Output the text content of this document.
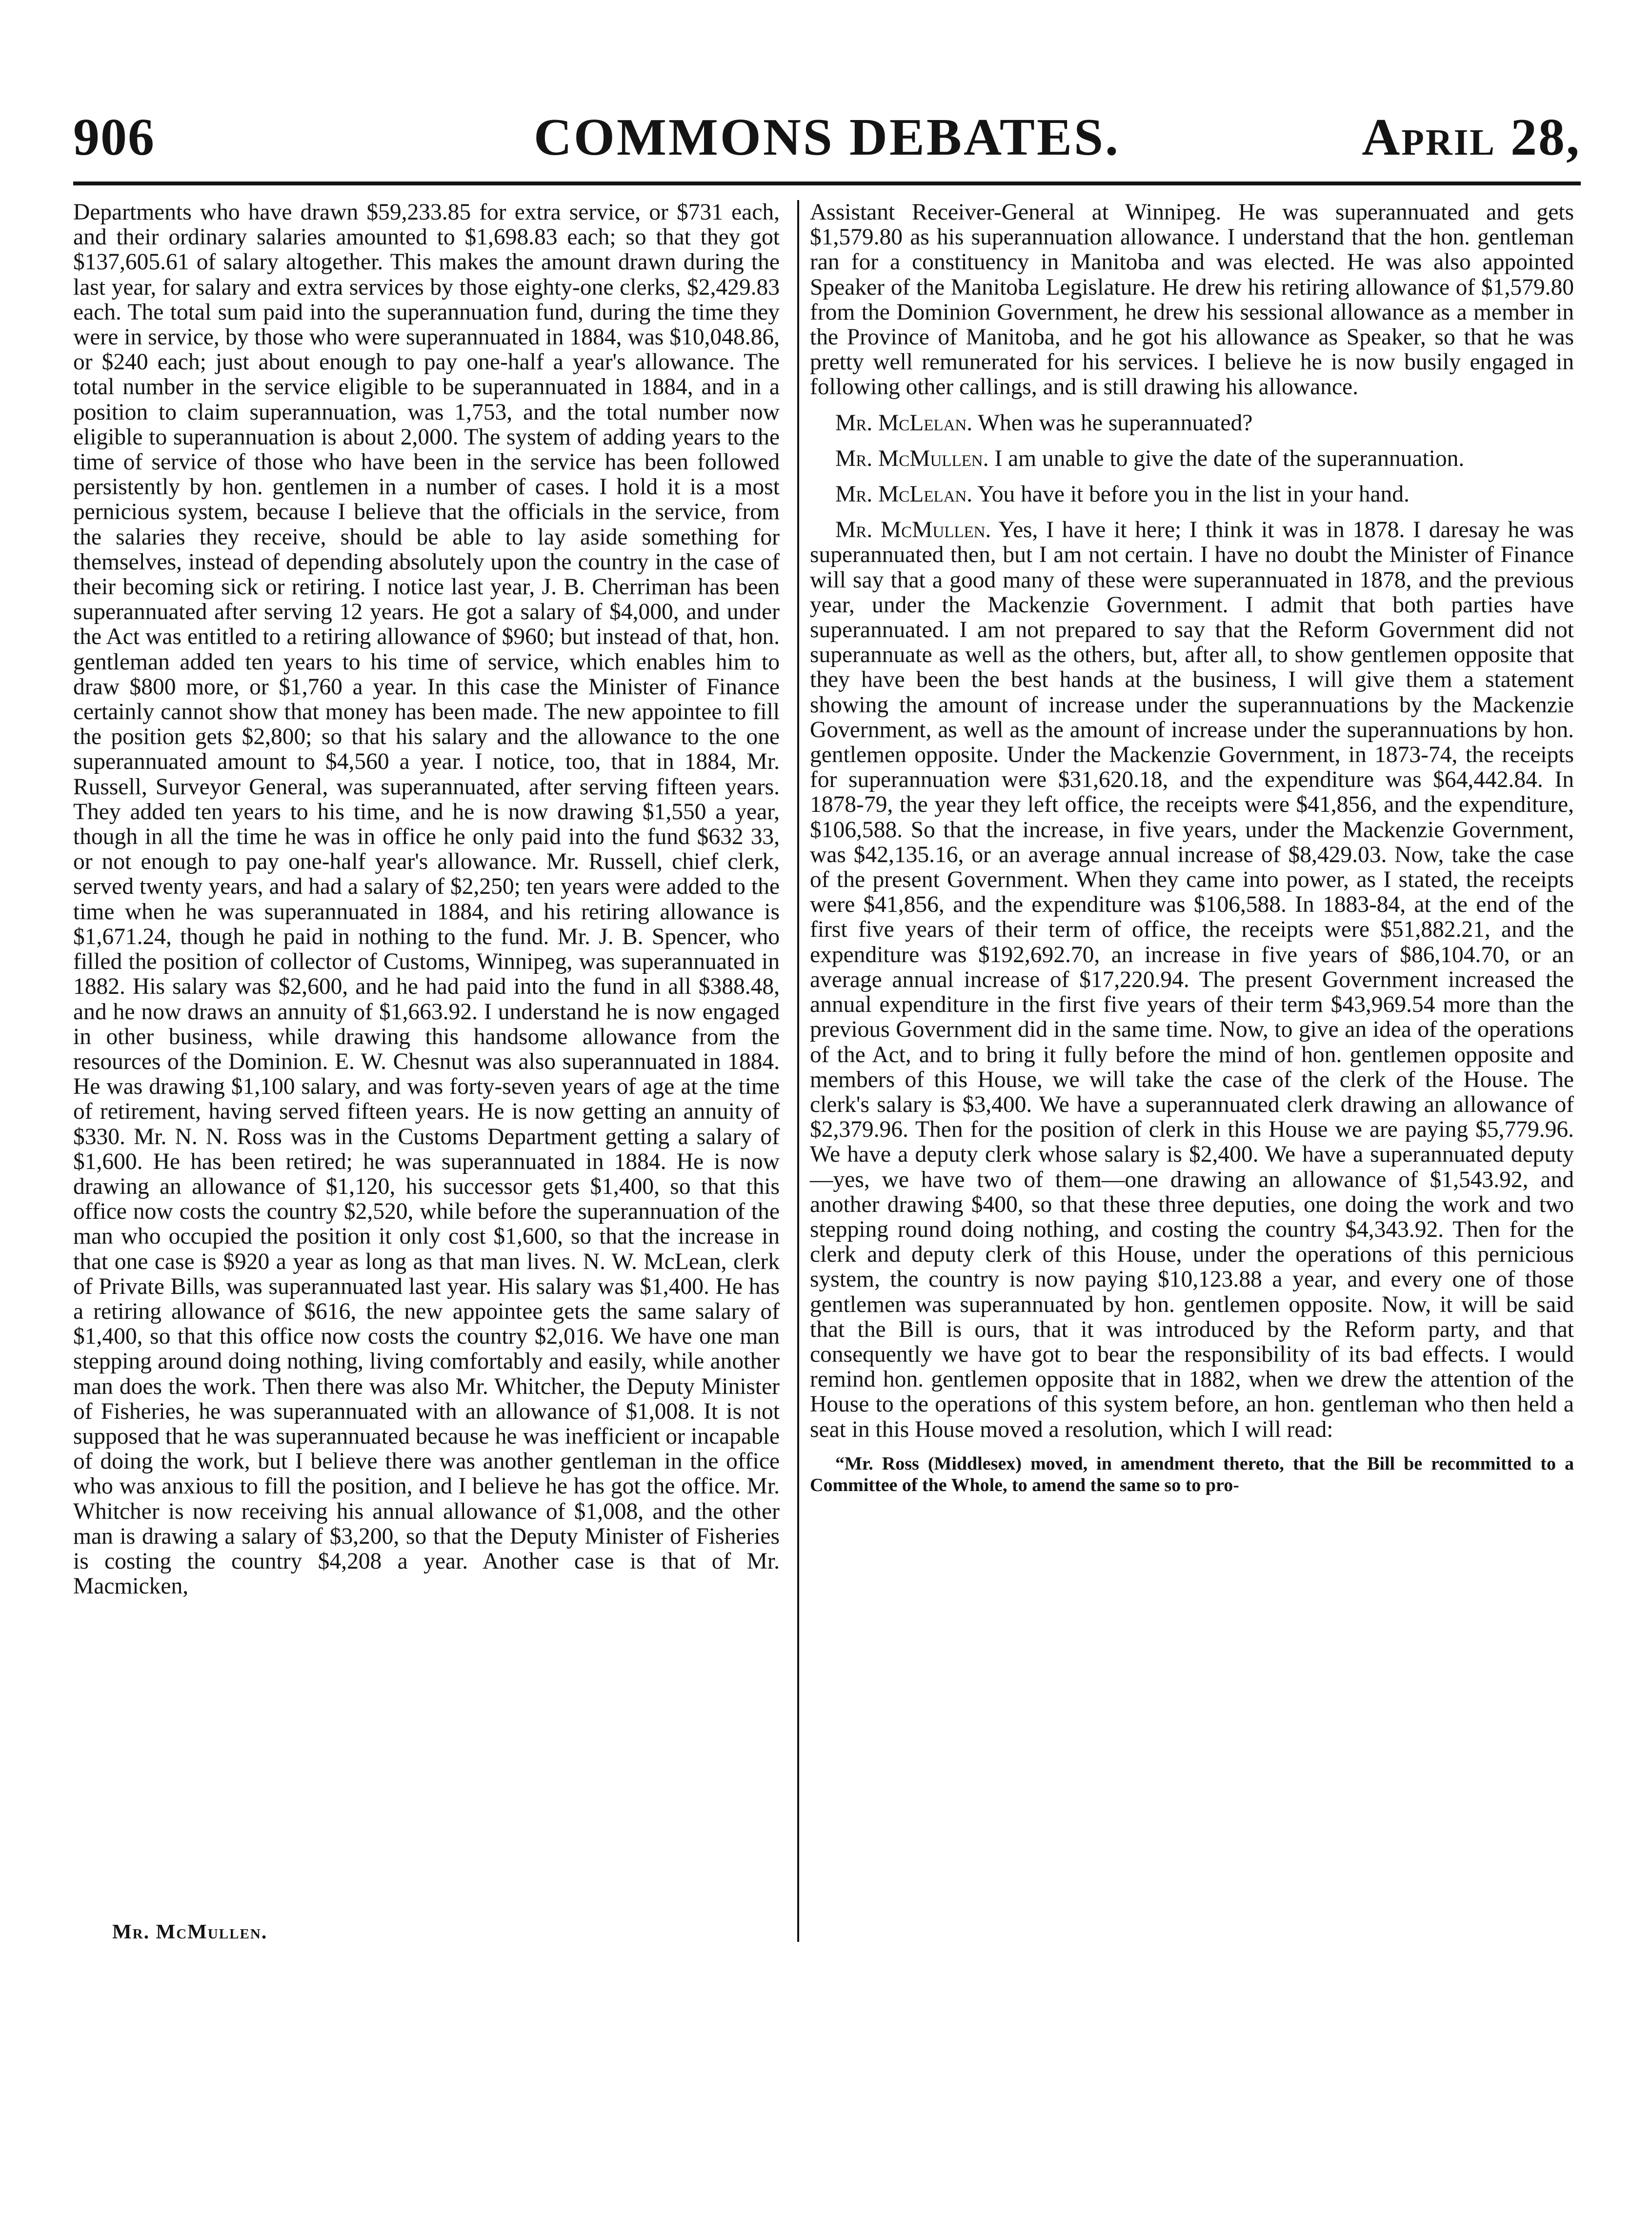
906	COMMONS DEBATES.	April 28,

Departments who have drawn $59,233.85 for extra service, or $731 each, and their ordinary salaries amounted to $1,698.83 each; so that they got $137,605.61 of salary altogether. This makes the amount drawn during the last year, for salary and extra services by those eighty-one clerks, $2,429.83 each. The total sum paid into the superannuation fund, during the time they were in service, by those who were superannuated in 1884, was $10,048.86, or $240 each; just about enough to pay one-half a year's allowance. The total number in the service eligible to be superannuated in 1884, and in a position to claim superannuation, was 1,753, and the total number now eligible to superannuation is about 2,000. The system of adding years to the time of service of those who have been in the service has been followed persistently by hon. gentlemen in a number of cases. I hold it is a most pernicious system, because I believe that the officials in the service, from the salaries they receive, should be able to lay aside something for themselves, instead of depending absolutely upon the country in the case of their becoming sick or retiring. I notice last year, J. B. Cherriman has been superannuated after serving 12 years. He got a salary of $4,000, and under the Act was entitled to a retiring allowance of $960; but instead of that, hon. gentleman added ten years to his time of service, which enables him to draw $800 more, or $1,760 a year. In this case the Minister of Finance certainly cannot show that money has been made. The new appointee to fill the position gets $2,800; so that his salary and the allowance to the one superannuated amount to $4,560 a year. I notice, too, that in 1884, Mr. Russell, Surveyor General, was superannuated, after serving fifteen years. They added ten years to his time, and he is now drawing $1,550 a year, though in all the time he was in office he only paid into the fund $632 33, or not enough to pay one-half year's allowance. Mr. Russell, chief clerk, served twenty years, and had a salary of $2,250; ten years were added to the time when he was superannuated in 1884, and his retiring allowance is $1,671.24, though he paid in nothing to the fund. Mr. J. B. Spencer, who filled the position of collector of Customs, Winnipeg, was superannuated in 1882. His salary was $2,600, and he had paid into the fund in all $388.48, and he now draws an annuity of $1,663.92. I understand he is now engaged in other business, while drawing this handsome allowance from the resources of the Dominion. E. W. Chesnut was also superannuated in 1884. He was drawing $1,100 salary, and was forty-seven years of age at the time of retirement, having served fifteen years. He is now getting an annuity of $330. Mr. N. N. Ross was in the Customs Department getting a salary of $1,600. He has been retired; he was superannuated in 1884. He is now drawing an allowance of $1,120, his successor gets $1,400, so that this office now costs the country $2,520, while before the superannuation of the man who occupied the position it only cost $1,600, so that the increase in that one case is $920 a year as long as that man lives. N. W. McLean, clerk of Private Bills, was superannuated last year. His salary was $1,400. He has a retiring allowance of $616, the new appointee gets the same salary of $1,400, so that this office now costs the country $2,016. We have one man stepping around doing nothing, living comfortably and easily, while another man does the work. Then there was also Mr. Whitcher, the Deputy Minister of Fisheries, he was superannuated with an allowance of $1,008. It is not supposed that he was superannuated because he was inefficient or incapable of doing the work, but I believe there was another gentleman in the office who was anxious to fill the position, and I believe he has got the office. Mr. Whitcher is now receiving his annual allowance of $1,008, and the other man is drawing a salary of $3,200, so that the Deputy Minister of Fisheries is costing the country $4,208 a year. Another case is that of Mr. Macmicken,

Assistant Receiver-General at Winnipeg. He was superannuated and gets $1,579.80 as his superannuation allowance. I understand that the hon. gentleman ran for a constituency in Manitoba and was elected. He was also appointed Speaker of the Manitoba Legislature. He drew his retiring allowance of $1,579.80 from the Dominion Government, he drew his sessional allowance as a member in the Province of Manitoba, and he got his allowance as Speaker, so that he was pretty well remunerated for his services. I believe he is now busily engaged in following other callings, and is still drawing his allowance.

Mr. McLelan. When was he superannuated?

Mr. McMullen. I am unable to give the date of the superannuation.

Mr. McLelan. You have it before you in the list in your hand.

Mr. McMullen. Yes, I have it here; I think it was in 1878. I daresay he was superannuated then, but I am not certain. I have no doubt the Minister of Finance will say that a good many of these were superannuated in 1878, and the previous year, under the Mackenzie Government. I admit that both parties have superannuated. I am not prepared to say that the Reform Government did not superannuate as well as the others, but, after all, to show gentlemen opposite that they have been the best hands at the business, I will give them a statement showing the amount of increase under the superannuations by the Mackenzie Government, as well as the amount of increase under the superannuations by hon. gentlemen opposite. Under the Mackenzie Government, in 1873-74, the receipts for superannuation were $31,620.18, and the expenditure was $64,442.84. In 1878-79, the year they left office, the receipts were $41,856, and the expenditure, $106,588. So that the increase, in five years, under the Mackenzie Government, was $42,135.16, or an average annual increase of $8,429.03. Now, take the case of the present Government. When they came into power, as I stated, the receipts were $41,856, and the expenditure was $106,588. In 1883-84, at the end of the first five years of their term of office, the receipts were $51,882.21, and the expenditure was $192,692.70, an increase in five years of $86,104.70, or an average annual increase of $17,220.94. The present Government increased the annual expenditure in the first five years of their term $43,969.54 more than the previous Government did in the same time. Now, to give an idea of the operations of the Act, and to bring it fully before the mind of hon. gentlemen opposite and members of this House, we will take the case of the clerk of the House. The clerk's salary is $3,400. We have a superannuated clerk drawing an allowance of $2,379.96. Then for the position of clerk in this House we are paying $5,779.96. We have a deputy clerk whose salary is $2,400. We have a superannuated deputy—yes, we have two of them—one drawing an allowance of $1,543.92, and another drawing $400, so that these three deputies, one doing the work and two stepping round doing nothing, and costing the country $4,343.92. Then for the clerk and deputy clerk of this House, under the operations of this pernicious system, the country is now paying $10,123.88 a year, and every one of those gentlemen was superannuated by hon. gentlemen opposite. Now, it will be said that the Bill is ours, that it was introduced by the Reform party, and that consequently we have got to bear the responsibility of its bad effects. I would remind hon. gentlemen opposite that in 1882, when we drew the attention of the House to the operations of this system before, an hon. gentleman who then held a seat in this House moved a resolution, which I will read:

“Mr. Ross (Middlesex) moved, in amendment thereto, that the Bill be recommitted to a Committee of the Whole, to amend the same so to pro-

Mr. McMullen.
